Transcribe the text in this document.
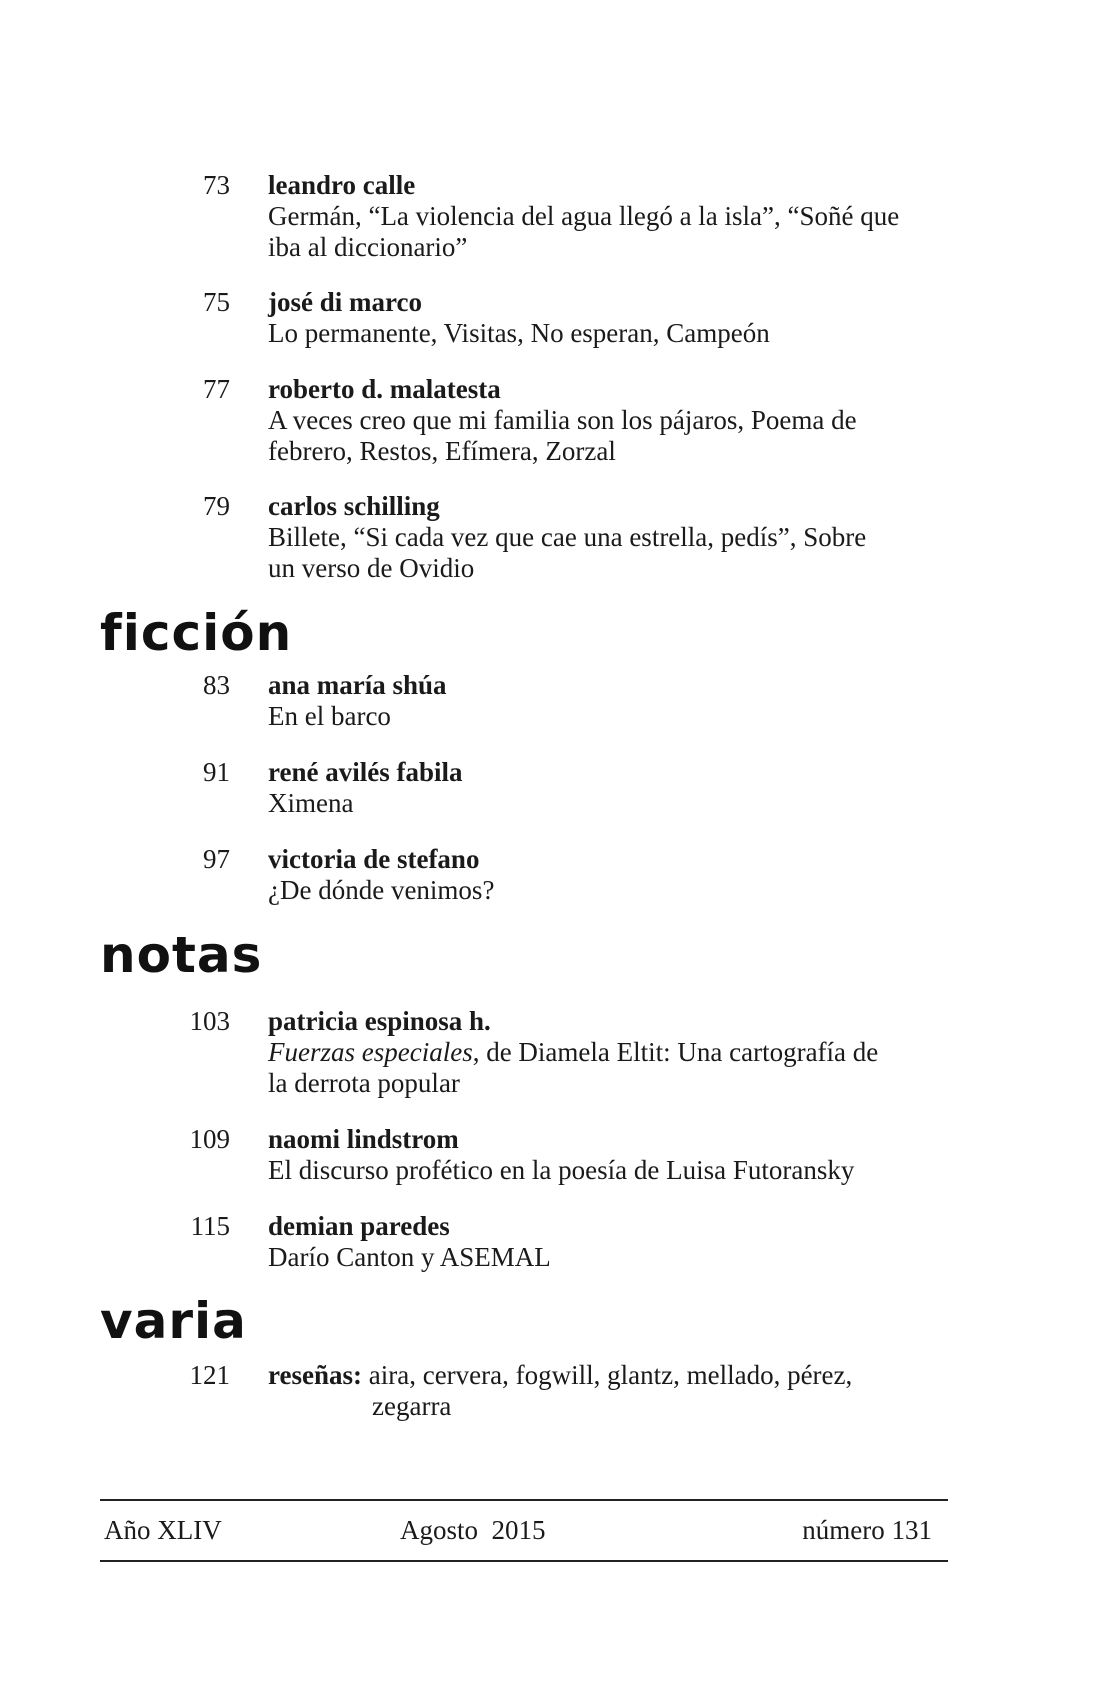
73 leandro calle
Germán, “La violencia del agua llegó a la isla”, “Soñé que
iba al diccionario”
75 josé di marco
Lo permanente, Visitas, No esperan, Campeón
77 roberto d. malatesta
A veces creo que mi familia son los pájaros, Poema de
febrero, Restos, Efímera, Zorzal
79 carlos schilling
Billete, “Si cada vez que cae una estrella, pedís”, Sobre
un verso de Ovidio
ficción
83 ana maría shúa
En el barco
91 rené avilés fabila
Ximena
97 victoria de stefano
¿De dónde venimos?
notas
103 patricia espinosa h.
Fuerzas especiales, de Diamela Eltit: Una cartografía de
la derrota popular
109 naomi lindstrom
El discurso profético en la poesía de Luisa Futoransky
115 demian paredes
Darío Canton y ASEMAL
varia
121 reseñas: aira, cervera, fogwill, glantz, mellado, pérez,
zegarra
Año XLIV	Agosto  2015	número 131
